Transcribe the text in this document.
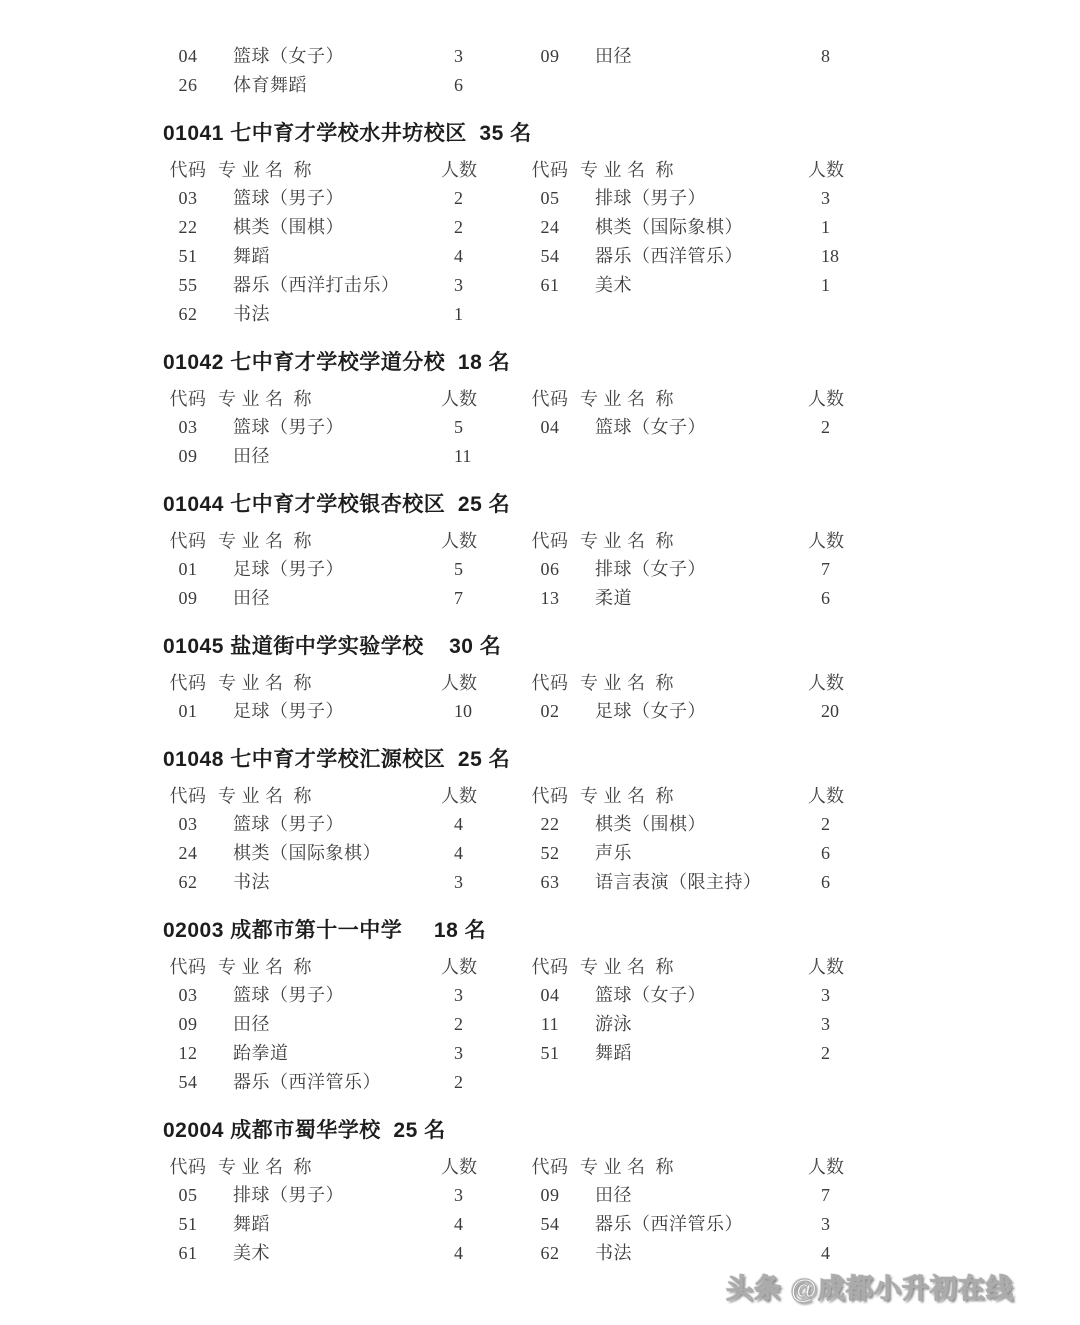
04	篮球（女子）	3	09	田径	8
26	体育舞蹈	6
01041 七中育才学校水井坊校区  35 名
代码 专 业 名  称	人数	代码 专 业 名  称	人数
03	篮球（男子）	2	05	排球（男子）	3
22	棋类（围棋）	2	24	棋类（国际象棋）	1
51	舞蹈	4	54	器乐（西洋管乐）	18
55	器乐（西洋打击乐）	3	61	美术	1
62	书法	1
01042 七中育才学校学道分校  18 名
代码 专 业 名  称	人数	代码 专 业 名  称	人数
03	篮球（男子）	5	04	篮球（女子）	2
09	田径	11
01044 七中育才学校银杏校区  25 名
代码 专 业 名  称	人数	代码 专 业 名  称	人数
01	足球（男子）	5	06	排球（女子）	7
09	田径	7	13	柔道	6
01045 盐道街中学实验学校    30 名
代码 专 业 名  称	人数	代码 专 业 名  称	人数
01	足球（男子）	10	02	足球（女子）	20
01048 七中育才学校汇源校区  25 名
代码 专 业 名  称	人数	代码 专 业 名  称	人数
03	篮球（男子）	4	22	棋类（围棋）	2
24	棋类（国际象棋）	4	52	声乐	6
62	书法	3	63	语言表演（限主持）	6
02003 成都市第十一中学     18 名
代码 专 业 名  称	人数	代码 专 业 名  称	人数
03	篮球（男子）	3	04	篮球（女子）	3
09	田径	2	11	游泳	3
12	跆拳道	3	51	舞蹈	2
54	器乐（西洋管乐）	2
02004 成都市蜀华学校  25 名
代码 专 业 名  称	人数	代码 专 业 名  称	人数
05	排球（男子）	3	09	田径	7
51	舞蹈	4	54	器乐（西洋管乐）	3
61	美术	4	62	书法	4
头条 @成都小升初在线
